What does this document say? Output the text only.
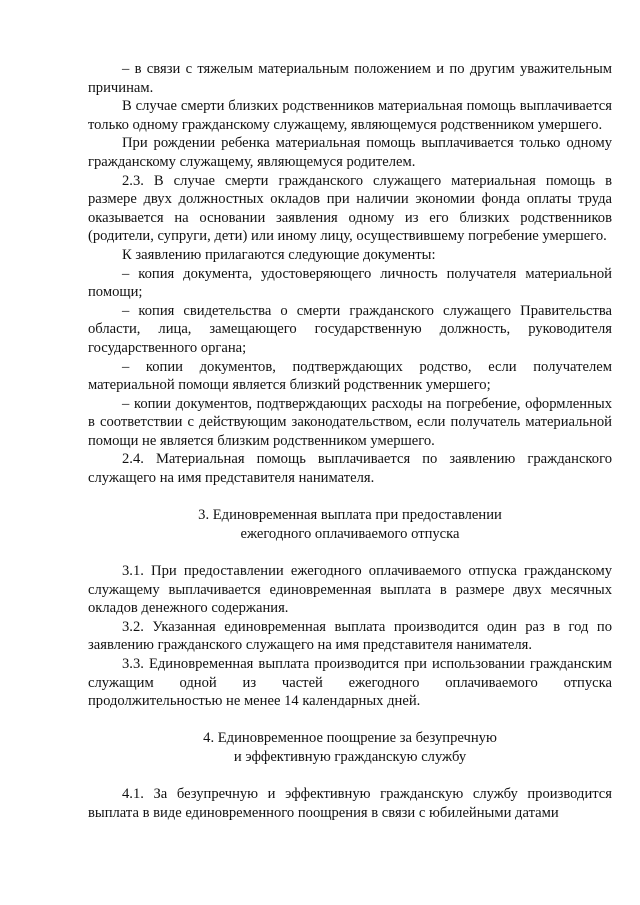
– в связи с тяжелым материальным положением и по другим уважительным причинам.

В случае смерти близких родственников материальная помощь выплачивается только одному гражданскому служащему, являющемуся родственником умершего.

При рождении ребенка материальная помощь выплачивается только одному гражданскому служащему, являющемуся родителем.

2.3. В случае смерти гражданского служащего материальная помощь в размере двух должностных окладов при наличии экономии фонда оплаты труда оказывается на основании заявления одному из его близких родственников (родители, супруги, дети) или иному лицу, осуществившему погребение умершего.

К заявлению прилагаются следующие документы:

– копия документа, удостоверяющего личность получателя материальной помощи;

– копия свидетельства о смерти гражданского служащего Правительства области, лица, замещающего государственную должность, руководителя государственного органа;

– копии документов, подтверждающих родство, если получателем материальной помощи является близкий родственник умершего;

– копии документов, подтверждающих расходы на погребение, оформленных в соответствии с действующим законодательством, если получатель материальной помощи не является близким родственником умершего.

2.4. Материальная помощь выплачивается по заявлению гражданского служащего на имя представителя нанимателя.

3. Единовременная выплата при предоставлении

ежегодного оплачиваемого отпуска

3.1. При предоставлении ежегодного оплачиваемого отпуска гражданскому служащему выплачивается единовременная выплата в размере двух месячных окладов денежного содержания.

3.2. Указанная единовременная выплата производится один раз в год по заявлению гражданского служащего на имя представителя нанимателя.

3.3. Единовременная выплата производится при использовании гражданским служащим одной из частей ежегодного оплачиваемого отпуска продолжительностью не менее 14 календарных дней.

4. Единовременное поощрение за безупречную

и эффективную гражданскую службу

4.1. За безупречную и эффективную гражданскую службу производится выплата в виде единовременного поощрения в связи с юбилейными датами
